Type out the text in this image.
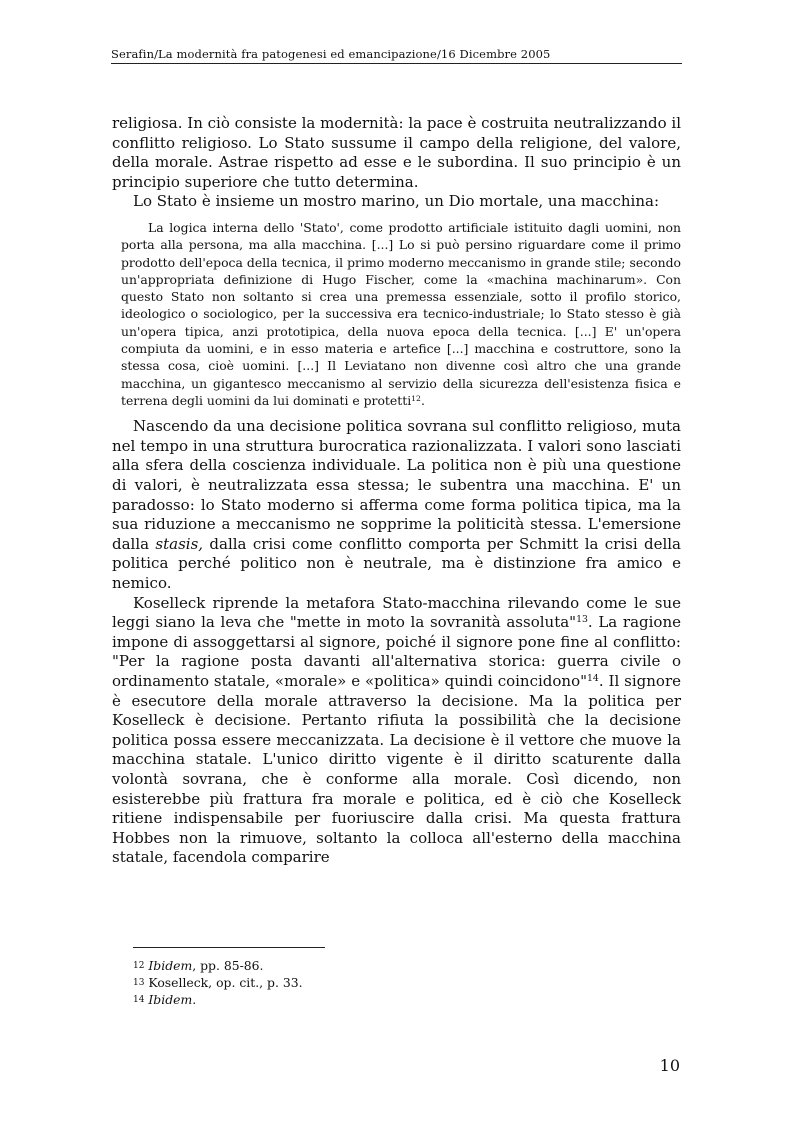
Serafin/La modernità fra patogenesi ed emancipazione/16 Dicembre 2005

religiosa. In ciò consiste la modernità: la pace è costruita neutralizzando il conflitto religioso. Lo Stato sussume il campo della religione, del valore, della morale. Astrae rispetto ad esse e le subordina. Il suo principio è un principio superiore che tutto determina.

Lo Stato è insieme un mostro marino, un Dio mortale, una macchina:

La logica interna dello 'Stato', come prodotto artificiale istituito dagli uomini, non porta alla persona, ma alla macchina. [...] Lo si può persino riguardare come il primo prodotto dell'epoca della tecnica, il primo moderno meccanismo in grande stile; secondo un'appropriata definizione di Hugo Fischer, come la «machina machinarum». Con questo Stato non soltanto si crea una premessa essenziale, sotto il profilo storico, ideologico o sociologico, per la successiva era tecnico-industriale; lo Stato stesso è già un'opera tipica, anzi prototipica, della nuova epoca della tecnica. [...] E' un'opera compiuta da uomini, e in esso materia e artefice [...] macchina e costruttore, sono la stessa cosa, cioè uomini. [...] Il Leviatano non divenne così altro che una grande macchina, un gigantesco meccanismo al servizio della sicurezza dell'esistenza fisica e terrena degli uomini da lui dominati e protetti$^{12}$.

Nascendo da una decisione politica sovrana sul conflitto religioso, muta nel tempo in una struttura burocratica razionalizzata. I valori sono lasciati alla sfera della coscienza individuale. La politica non è più una questione di valori, è neutralizzata essa stessa; le subentra una macchina. E' un paradosso: lo Stato moderno si afferma come forma politica tipica, ma la sua riduzione a meccanismo ne sopprime la politicità stessa. L'emersione dalla stasis, dalla crisi come conflitto comporta per Schmitt la crisi della politica perché politico non è neutrale, ma è distinzione fra amico e nemico.

Koselleck riprende la metafora Stato-macchina rilevando come le sue leggi siano la leva che "mette in moto la sovranità assoluta"$^{13}$. La ragione impone di assoggettarsi al signore, poiché il signore pone fine al conflitto: "Per la ragione posta davanti all'alternativa storica: guerra civile o ordinamento statale, «morale» e «politica» quindi coincidono"$^{14}$. Il signore è esecutore della morale attraverso la decisione. Ma la politica per Koselleck è decisione. Pertanto rifiuta la possibilità che la decisione politica possa essere meccanizzata. La decisione è il vettore che muove la macchina statale. L'unico diritto vigente è il diritto scaturente dalla volontà sovrana, che è conforme alla morale. Così dicendo, non esisterebbe più frattura fra morale e politica, ed è ciò che Koselleck ritiene indispensabile per fuoriuscire dalla crisi. Ma questa frattura Hobbes non la rimuove, soltanto la colloca all'esterno della macchina statale, facendola comparire

$^{12}$ Ibidem, pp. 85-86.
$^{13}$ Koselleck, op. cit., p. 33.
$^{14}$ Ibidem.
10
